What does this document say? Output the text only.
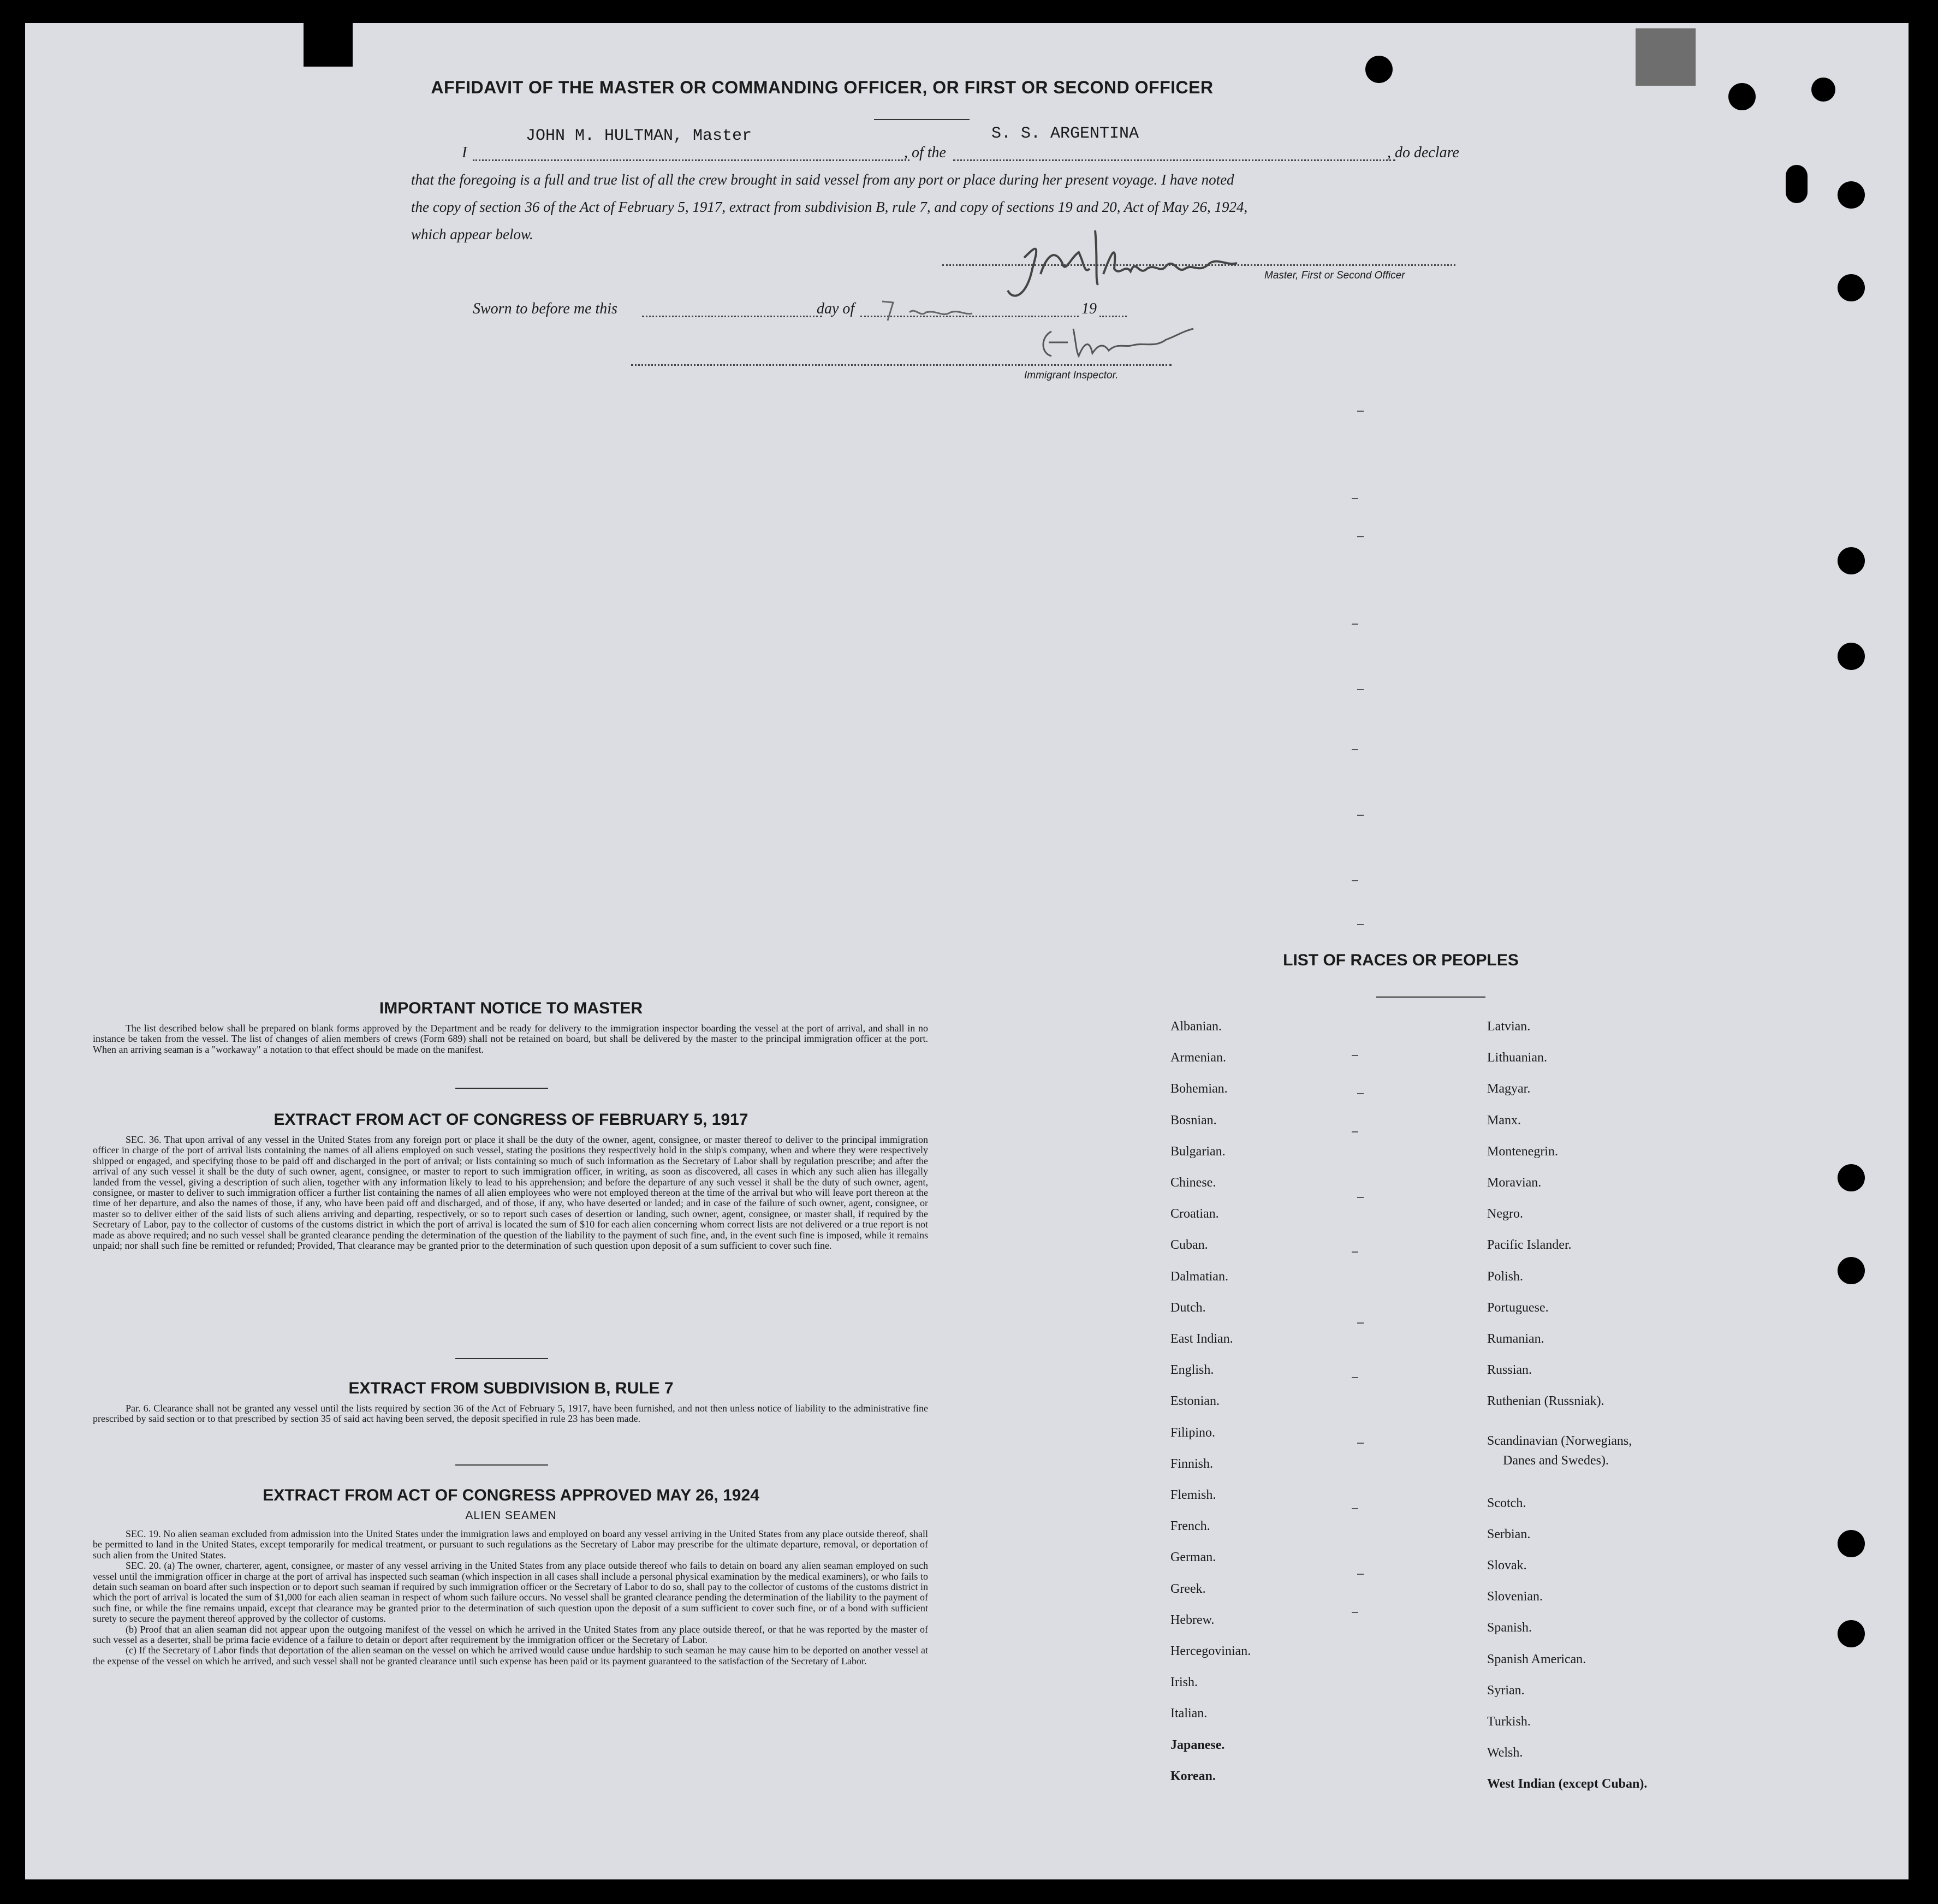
AFFIDAVIT OF THE MASTER OR COMMANDING OFFICER, OR FIRST OR SECOND OFFICER
I
JOHN M. HULTMAN, Master
, of the
S. S. ARGENTINA
, do declare
that the foregoing is a full and true list of all the crew brought in said vessel from any port or place during her present voyage. I have noted
the copy of section 36 of the Act of February 5, 1917, extract from subdivision B, rule 7, and copy of sections 19 and 20, Act of May 26, 1924,
which appear below.
Master, First or Second Officer
Sworn to before me this	day of	19
Immigrant Inspector.
IMPORTANT NOTICE TO MASTER
The list described below shall be prepared on blank forms approved by the Department and be ready for delivery to the immigration inspector boarding the vessel at the port of arrival, and shall in no instance be taken from the vessel. The list of changes of alien members of crews (Form 689) shall not be retained on board, but shall be delivered by the master to the principal immigration officer at the port. When an arriving seaman is a "workaway" a notation to that effect should be made on the manifest.
EXTRACT FROM ACT OF CONGRESS OF FEBRUARY 5, 1917
SEC. 36. That upon arrival of any vessel in the United States from any foreign port or place it shall be the duty of the owner, agent, consignee, or master thereof to deliver to the principal immigration officer in charge of the port of arrival lists containing the names of all aliens employed on such vessel, stating the positions they respectively hold in the ship's company, when and where they were respectively shipped or engaged, and specifying those to be paid off and discharged in the port of arrival; or lists containing so much of such information as the Secretary of Labor shall by regulation prescribe; and after the arrival of any such vessel it shall be the duty of such owner, agent, consignee, or master to report to such immigration officer, in writing, as soon as discovered, all cases in which any such alien has illegally landed from the vessel, giving a description of such alien, together with any information likely to lead to his apprehension; and before the departure of any such vessel it shall be the duty of such owner, agent, consignee, or master to deliver to such immigration officer a further list containing the names of all alien employees who were not employed thereon at the time of the arrival but who will leave port thereon at the time of her departure, and also the names of those, if any, who have been paid off and discharged, and of those, if any, who have deserted or landed; and in case of the failure of such owner, agent, consignee, or master so to deliver either of the said lists of such aliens arriving and departing, respectively, or so to report such cases of desertion or landing, such owner, agent, consignee, or master shall, if required by the Secretary of Labor, pay to the collector of customs of the customs district in which the port of arrival is located the sum of $10 for each alien concerning whom correct lists are not delivered or a true report is not made as above required; and no such vessel shall be granted clearance pending the determination of the question of the liability to the payment of such fine, and, in the event such fine is imposed, while it remains unpaid; nor shall such fine be remitted or refunded; Provided, That clearance may be granted prior to the determination of such question upon deposit of a sum sufficient to cover such fine.
EXTRACT FROM SUBDIVISION B, RULE 7
Par. 6. Clearance shall not be granted any vessel until the lists required by section 36 of the Act of February 5, 1917, have been furnished, and not then unless notice of liability to the administrative fine prescribed by said section or to that prescribed by section 35 of said act having been served, the deposit specified in rule 23 has been made.
EXTRACT FROM ACT OF CONGRESS APPROVED MAY 26, 1924
ALIEN SEAMEN
SEC. 19. No alien seaman excluded from admission into the United States under the immigration laws and employed on board any vessel arriving in the United States from any place outside thereof, shall be permitted to land in the United States, except temporarily for medical treatment, or pursuant to such regulations as the Secretary of Labor may prescribe for the ultimate departure, removal, or deportation of such alien from the United States.
SEC. 20. (a) The owner, charterer, agent, consignee, or master of any vessel arriving in the United States from any place outside thereof who fails to detain on board any alien seaman employed on such vessel until the immigration officer in charge at the port of arrival has inspected such seaman (which inspection in all cases shall include a personal physical examination by the medical examiners), or who fails to detain such seaman on board after such inspection or to deport such seaman if required by such immigration officer or the Secretary of Labor to do so, shall pay to the collector of customs of the customs district in which the port of arrival is located the sum of $1,000 for each alien seaman in respect of whom such failure occurs. No vessel shall be granted clearance pending the determination of the liability to the payment of such fine, or while the fine remains unpaid, except that clearance may be granted prior to the determination of such question upon the deposit of a sum sufficient to cover such fine, or of a bond with sufficient surety to secure the payment thereof approved by the collector of customs.
(b) Proof that an alien seaman did not appear upon the outgoing manifest of the vessel on which he arrived in the United States from any place outside thereof, or that he was reported by the master of such vessel as a deserter, shall be prima facie evidence of a failure to detain or deport after requirement by the immigration officer or the Secretary of Labor.
(c) If the Secretary of Labor finds that deportation of the alien seaman on the vessel on which he arrived would cause undue hardship to such seaman he may cause him to be deported on another vessel at the expense of the vessel on which he arrived, and such vessel shall not be granted clearance until such expense has been paid or its payment guaranteed to the satisfaction of the Secretary of Labor.
LIST OF RACES OR PEOPLES
Albanian.
Armenian.
Bohemian.
Bosnian.
Bulgarian.
Chinese.
Croatian.
Cuban.
Dalmatian.
Dutch.
East Indian.
English.
Estonian.
Filipino.
Finnish.
Flemish.
French.
German.
Greek.
Hebrew.
Hercegovinian.
Irish.
Italian.
Japanese.
Korean.
Latvian.
Lithuanian.
Magyar.
Manx.
Montenegrin.
Moravian.
Negro.
Pacific Islander.
Polish.
Portuguese.
Rumanian.
Russian.
Ruthenian (Russniak).
Scandinavian (Norwegians,
Danes and Swedes).
Scotch.
Serbian.
Slovak.
Slovenian.
Spanish.
Spanish American.
Syrian.
Turkish.
Welsh.
West Indian (except Cuban).
